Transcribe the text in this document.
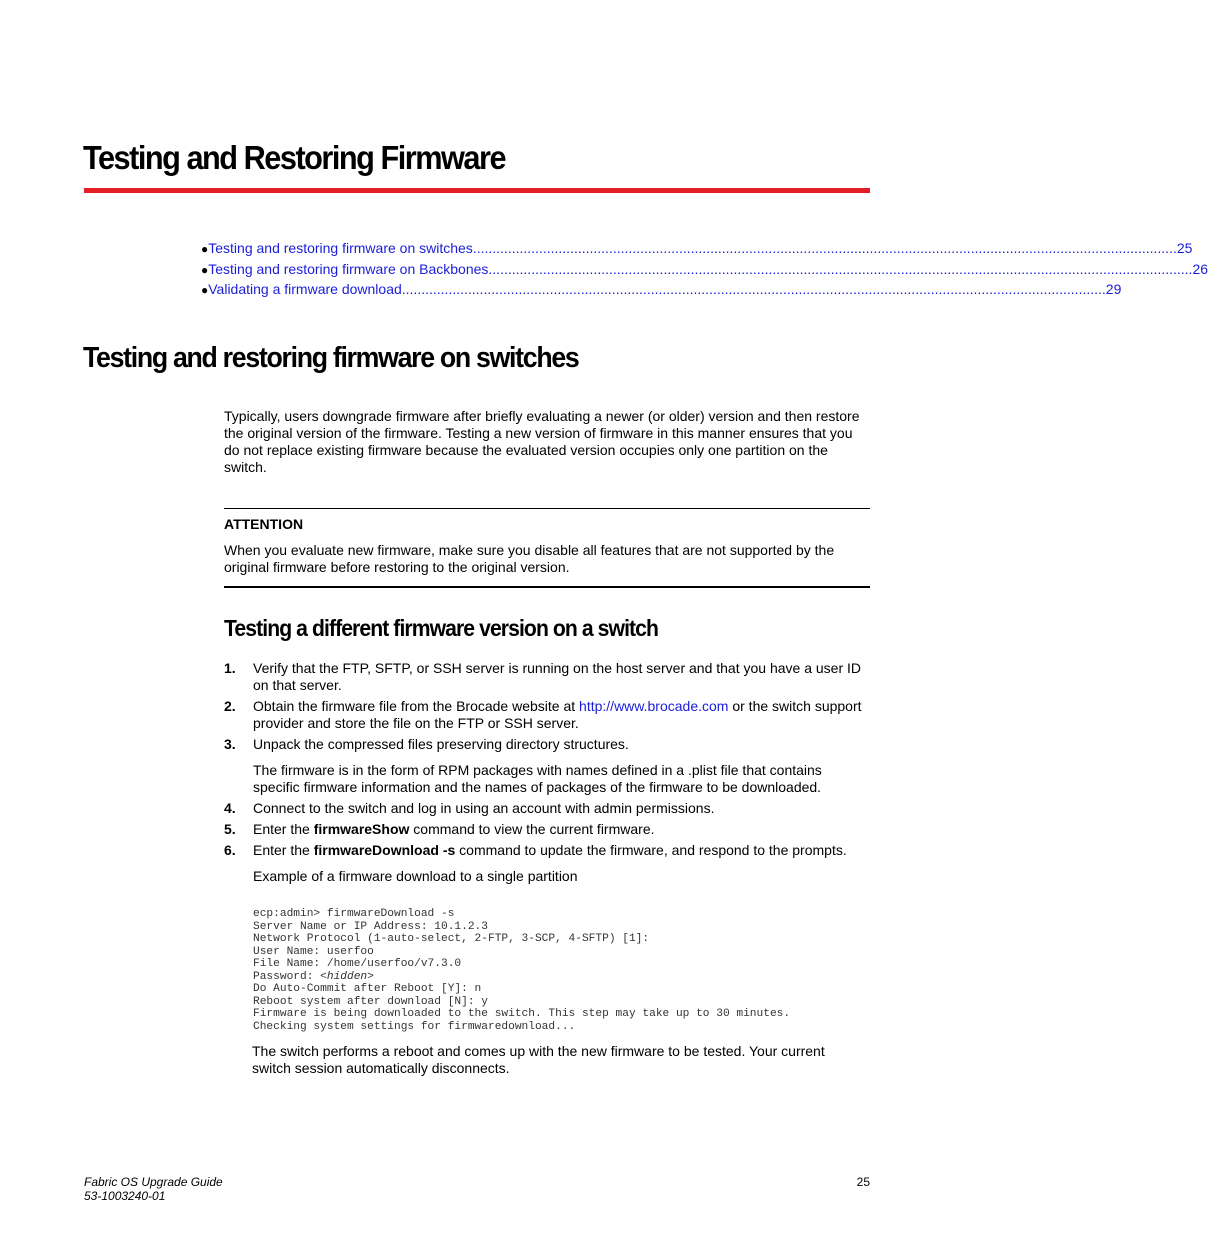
Testing and Restoring Firmware
● Testing and restoring firmware on switches .....	25
● Testing and restoring firmware on Backbones .....	26
● Validating a firmware download .....	29
Testing and restoring firmware on switches

Typically, users downgrade firmware after briefly evaluating a newer (or older) version and then restore the original version of the firmware. Testing a new version of firmware in this manner ensures that you do not replace existing firmware because the evaluated version occupies only one partition on the switch.

ATTENTION

When you evaluate new firmware, make sure you disable all features that are not supported by the original firmware before restoring to the original version.

Testing a different firmware version on a switch
1. Verify that the FTP, SFTP, or SSH server is running on the host server and that you have a user ID on that server.
2. Obtain the firmware file from the Brocade website at http://www.brocade.com or the switch support provider and store the file on the FTP or SSH server.
3. Unpack the compressed files preserving directory structures.

The firmware is in the form of RPM packages with names defined in a .plist file that contains specific firmware information and the names of packages of the firmware to be downloaded.

4. Connect to the switch and log in using an account with admin permissions.
5. Enter the firmwareShow command to view the current firmware.
6. Enter the firmwareDownload -s command to update the firmware, and respond to the prompts.

Example of a firmware download to a single partition

ecp:admin> firmwareDownload -s
Server Name or IP Address: 10.1.2.3
Network Protocol (1-auto-select, 2-FTP, 3-SCP, 4-SFTP) [1]:
User Name: userfoo
File Name: /home/userfoo/v7.3.0
Password: <hidden>
Do Auto-Commit after Reboot [Y]: n
Reboot system after download [N]: y
Firmware is being downloaded to the switch. This step may take up to 30 minutes.
Checking system settings for firmwaredownload...

The switch performs a reboot and comes up with the new firmware to be tested. Your current switch session automatically disconnects.

Fabric OS Upgrade Guide
53-1003240-01
25
